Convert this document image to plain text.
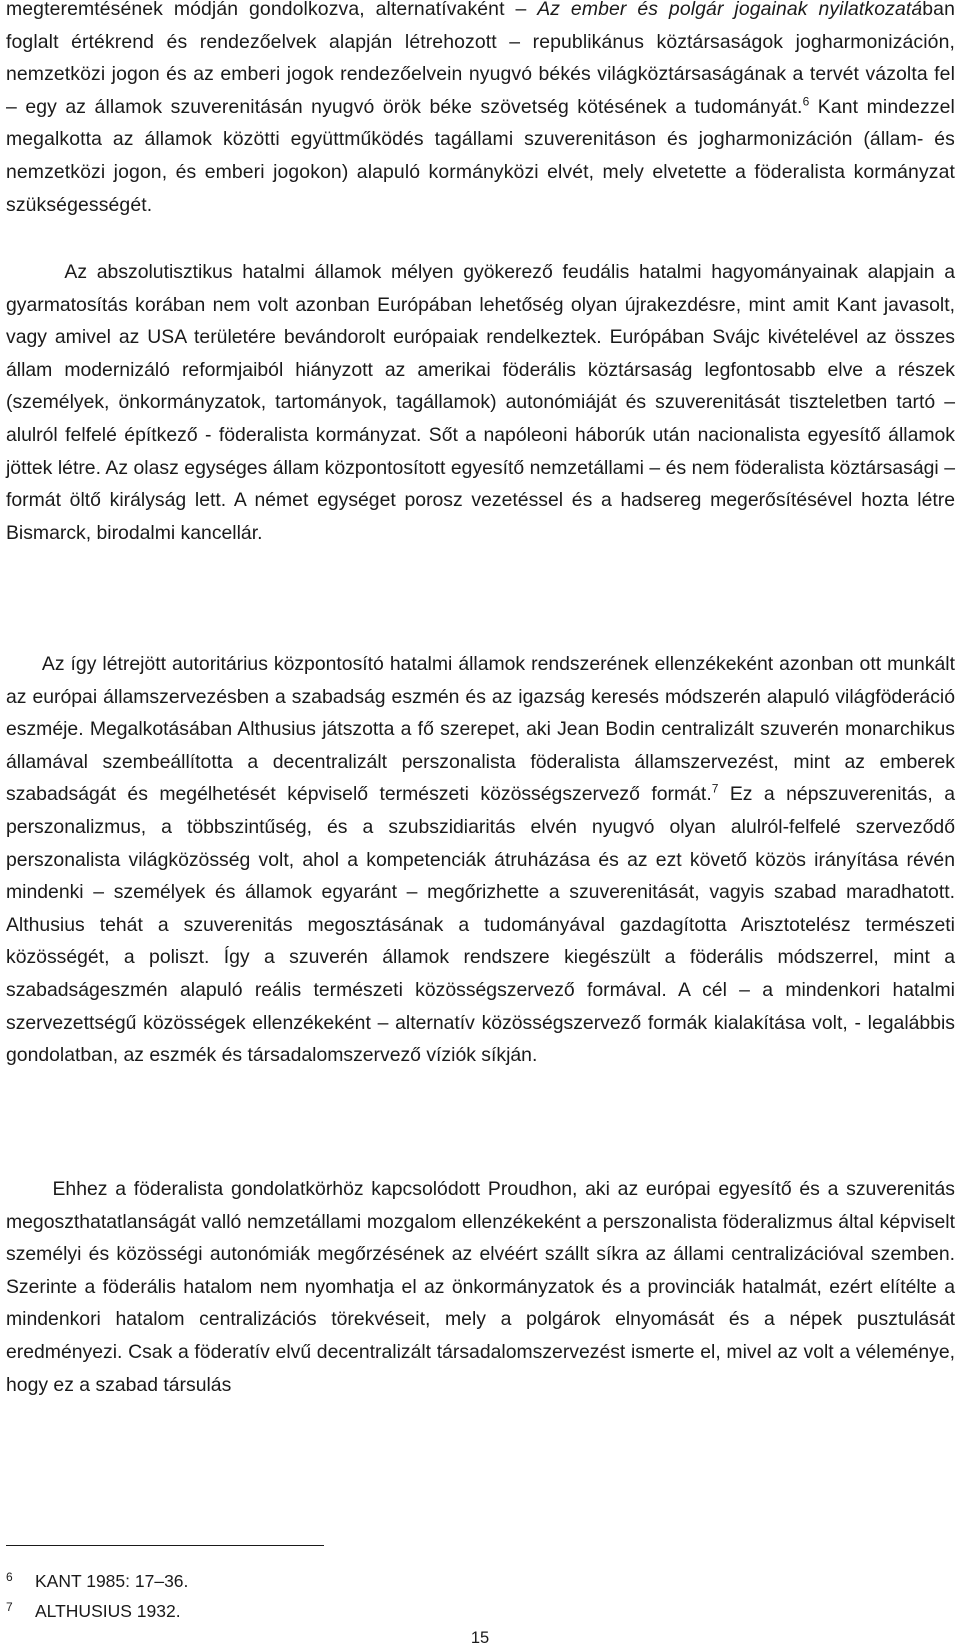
megteremtésének módján gondolkozva, alternatívaként – Az ember és polgár jogainak nyilatkozatában foglalt értékrend és rendezőelvek alapján létrehozott – republikánus köztársaságok jogharmonizáción, nemzetközi jogon és az emberi jogok rendezőelvein nyugvó békés világköztársaságának a tervét vázolta fel – egy az államok szuverenitásán nyugvó örök béke szövetség kötésének a tudományát.$^6$ Kant mindezzel megalkotta az államok közötti együttműködés tagállami szuverenitáson és jogharmonizáción (állam- és nemzetközi jogon, és emberi jogokon) alapuló kormányközi elvét, mely elvetette a föderalista kormányzat szükségességét.

Az abszolutisztikus hatalmi államok mélyen gyökerező feudális hatalmi hagyományainak alapjain a gyarmatosítás korában nem volt azonban Európában lehetőség olyan újrakezdésre, mint amit Kant javasolt, vagy amivel az USA területére bevándorolt európaiak rendelkeztek. Európában Svájc kivételével az összes állam modernizáló reformjaiból hiányzott az amerikai föderális köztársaság legfontosabb elve a részek (személyek, önkormányzatok, tartományok, tagállamok) autonómiáját és szuverenitását tiszteletben tartó – alulról felfelé építkező - föderalista kormányzat. Sőt a napóleoni háborúk után nacionalista egyesítő államok jöttek létre. Az olasz egységes állam központosított egyesítő nemzetállami – és nem föderalista köztársasági – formát öltő királyság lett. A német egységet porosz vezetéssel és a hadsereg megerősítésével hozta létre Bismarck, birodalmi kancellár.

Az így létrejött autoritárius központosító hatalmi államok rendszerének ellenzékeként azonban ott munkált az európai államszervezésben a szabadság eszmén és az igazság keresés módszerén alapuló világföderáció eszméje. Megalkotásában Althusius játszotta a fő szerepet, aki Jean Bodin centralizált szuverén monarchikus államával szembeállította a decentralizált perszonalista föderalista államszervezést, mint az emberek szabadságát és megélhetését képviselő természeti közösségszervező formát.$^7$ Ez a népszuverenitás, a perszonalizmus, a többszintűség, és a szubszidiaritás elvén nyugvó olyan alulról-felfelé szerveződő perszonalista világközösség volt, ahol a kompetenciák átruházása és az ezt követő közös irányítása révén mindenki – személyek és államok egyaránt – megőrizhette a szuverenitását, vagyis szabad maradhatott. Althusius tehát a szuverenitás megosztásának a tudományával gazdagította Arisztotelész természeti közösségét, a poliszt. Így a szuverén államok rendszere kiegészült a föderális módszerrel, mint a szabadságeszmén alapuló reális természeti közösségszervező formával. A cél – a mindenkori hatalmi szervezettségű közösségek ellenzékeként – alternatív közösségszervező formák kialakítása volt, - legalábbis gondolatban, az eszmék és társadalomszervező víziók síkján.

Ehhez a föderalista gondolatkörhöz kapcsolódott Proudhon, aki az európai egyesítő és a szuverenitás megoszthatatlanságát valló nemzetállami mozgalom ellenzékeként a perszonalista föderalizmus által képviselt személyi és közösségi autonómiák megőrzésének az elvéért szállt síkra az állami centralizációval szemben. Szerinte a föderális hatalom nem nyomhatja el az önkormányzatok és a provinciák hatalmát, ezért elítélte a mindenkori hatalom centralizációs törekvéseit, mely a polgárok elnyomását és a népek pusztulását eredményezi. Csak a föderatív elvű decentralizált társadalomszervezést ismerte el, mivel az volt a véleménye, hogy ez a szabad társulás

6 KANT 1985: 17–36.

7 ALTHUSIUS 1932.

15
